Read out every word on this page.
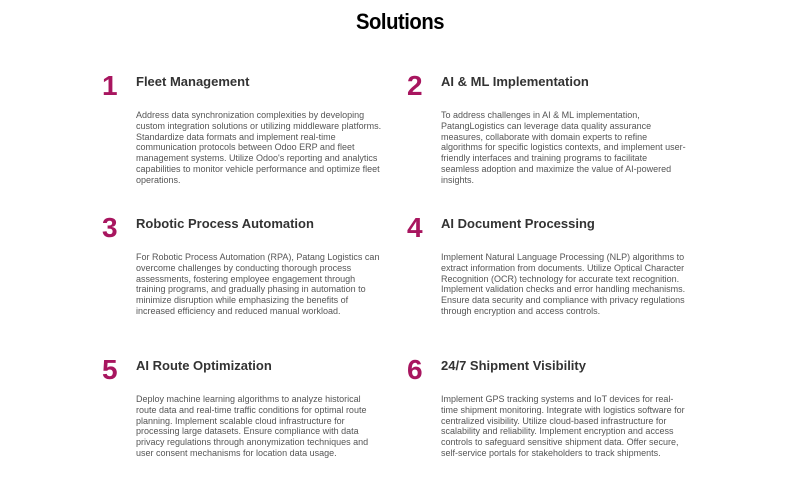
Solutions
1 Fleet Management
Address data synchronization complexities by developing custom integration solutions or utilizing middleware platforms. Standardize data formats and implement real-time communication protocols between Odoo ERP and fleet management systems. Utilize Odoo's reporting and analytics capabilities to monitor vehicle performance and optimize fleet operations.
2 AI & ML Implementation
To address challenges in AI & ML implementation, PatangLogistics can leverage data quality assurance measures, collaborate with domain experts to refine algorithms for specific logistics contexts, and implement user-friendly interfaces and training programs to facilitate seamless adoption and maximize the value of AI-powered insights.
3 Robotic Process Automation
For Robotic Process Automation (RPA), Patang Logistics can overcome challenges by conducting thorough process assessments, fostering employee engagement through training programs, and gradually phasing in automation to minimize disruption while emphasizing the benefits of increased efficiency and reduced manual workload.
4 AI Document Processing
Implement Natural Language Processing (NLP) algorithms to extract information from documents. Utilize Optical Character Recognition (OCR) technology for accurate text recognition. Implement validation checks and error handling mechanisms. Ensure data security and compliance with privacy regulations through encryption and access controls.
5 AI Route Optimization
Deploy machine learning algorithms to analyze historical route data and real-time traffic conditions for optimal route planning. Implement scalable cloud infrastructure for processing large datasets. Ensure compliance with data privacy regulations through anonymization techniques and user consent mechanisms for location data usage.
6 24/7 Shipment Visibility
Implement GPS tracking systems and IoT devices for real-time shipment monitoring. Integrate with logistics software for centralized visibility. Utilize cloud-based infrastructure for scalability and reliability. Implement encryption and access controls to safeguard sensitive shipment data. Offer secure, self-service portals for stakeholders to track shipments.
